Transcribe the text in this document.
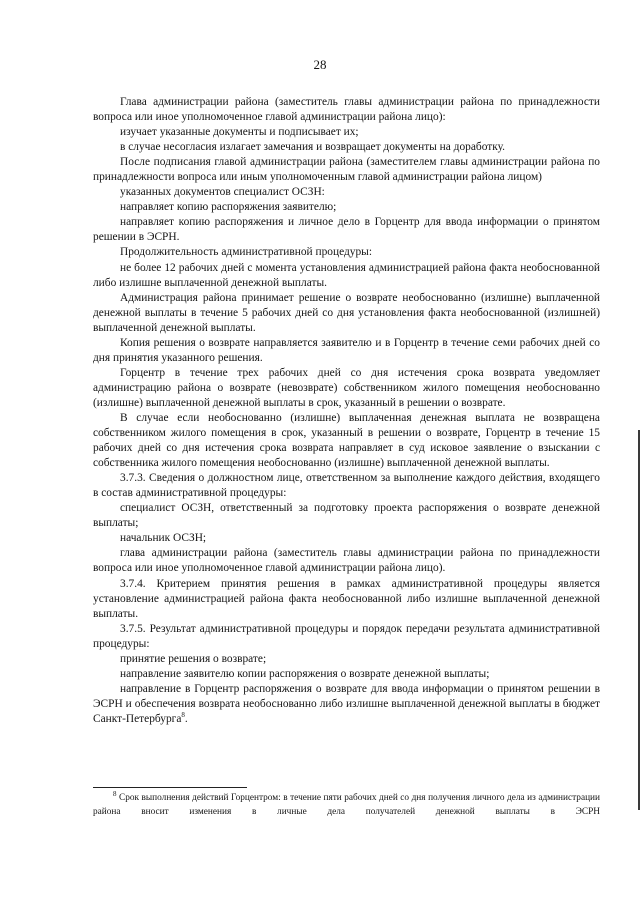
28

Глава администрации района (заместитель главы администрации района по принадлежности вопроса или иное уполномоченное главой администрации района лицо):

изучает указанные документы и подписывает их;

в случае несогласия излагает замечания и возвращает документы на доработку.

После подписания главой администрации района (заместителем главы администрации района по принадлежности вопроса или иным уполномоченным главой администрации района лицом)

указанных документов специалист ОСЗН:

направляет копию распоряжения заявителю;

направляет копию распоряжения и личное дело в Горцентр для ввода информации о принятом решении в ЭСРН.

Продолжительность административной процедуры:

не более 12 рабочих дней с момента установления администрацией района факта необоснованной либо излишне выплаченной денежной выплаты.

Администрация района принимает решение о возврате необоснованно (излишне) выплаченной денежной выплаты в течение 5 рабочих дней со дня установления факта необоснованной (излишней) выплаченной денежной выплаты.

Копия решения о возврате направляется заявителю и в Горцентр в течение семи рабочих дней со дня принятия указанного решения.

Горцентр в течение трех рабочих дней со дня истечения срока возврата уведомляет администрацию района о возврате (невозврате) собственником жилого помещения необоснованно (излишне) выплаченной денежной выплаты в срок, указанный в решении о возврате.

В случае если необоснованно (излишне) выплаченная денежная выплата не возвращена собственником жилого помещения в срок, указанный в решении о возврате, Горцентр в течение 15 рабочих дней со дня истечения срока возврата направляет в суд исковое заявление о взыскании с собственника жилого помещения необоснованно (излишне) выплаченной денежной выплаты.

3.7.3. Сведения о должностном лице, ответственном за выполнение каждого действия, входящего в состав административной процедуры:

специалист ОСЗН, ответственный за подготовку проекта распоряжения о возврате денежной выплаты;

начальник ОСЗН;

глава администрации района (заместитель главы администрации района по принадлежности вопроса или иное уполномоченное главой администрации района лицо).

3.7.4. Критерием принятия решения в рамках административной процедуры является установление администрацией района факта необоснованной либо излишне выплаченной денежной выплаты.

3.7.5. Результат административной процедуры и порядок передачи результата административной процедуры:

принятие решения о возврате;

направление заявителю копии распоряжения о возврате денежной выплаты;

направление в Горцентр распоряжения о возврате для ввода информации о принятом решении в ЭСРН и обеспечения возврата необоснованно либо излишне выплаченной денежной выплаты в бюджет Санкт-Петербурга$^8$.

$^8$ Срок выполнения действий Горцентром: в течение пяти рабочих дней со дня получения личного дела из администрации района вносит изменения в личные дела получателей денежной выплаты в ЭСРН
